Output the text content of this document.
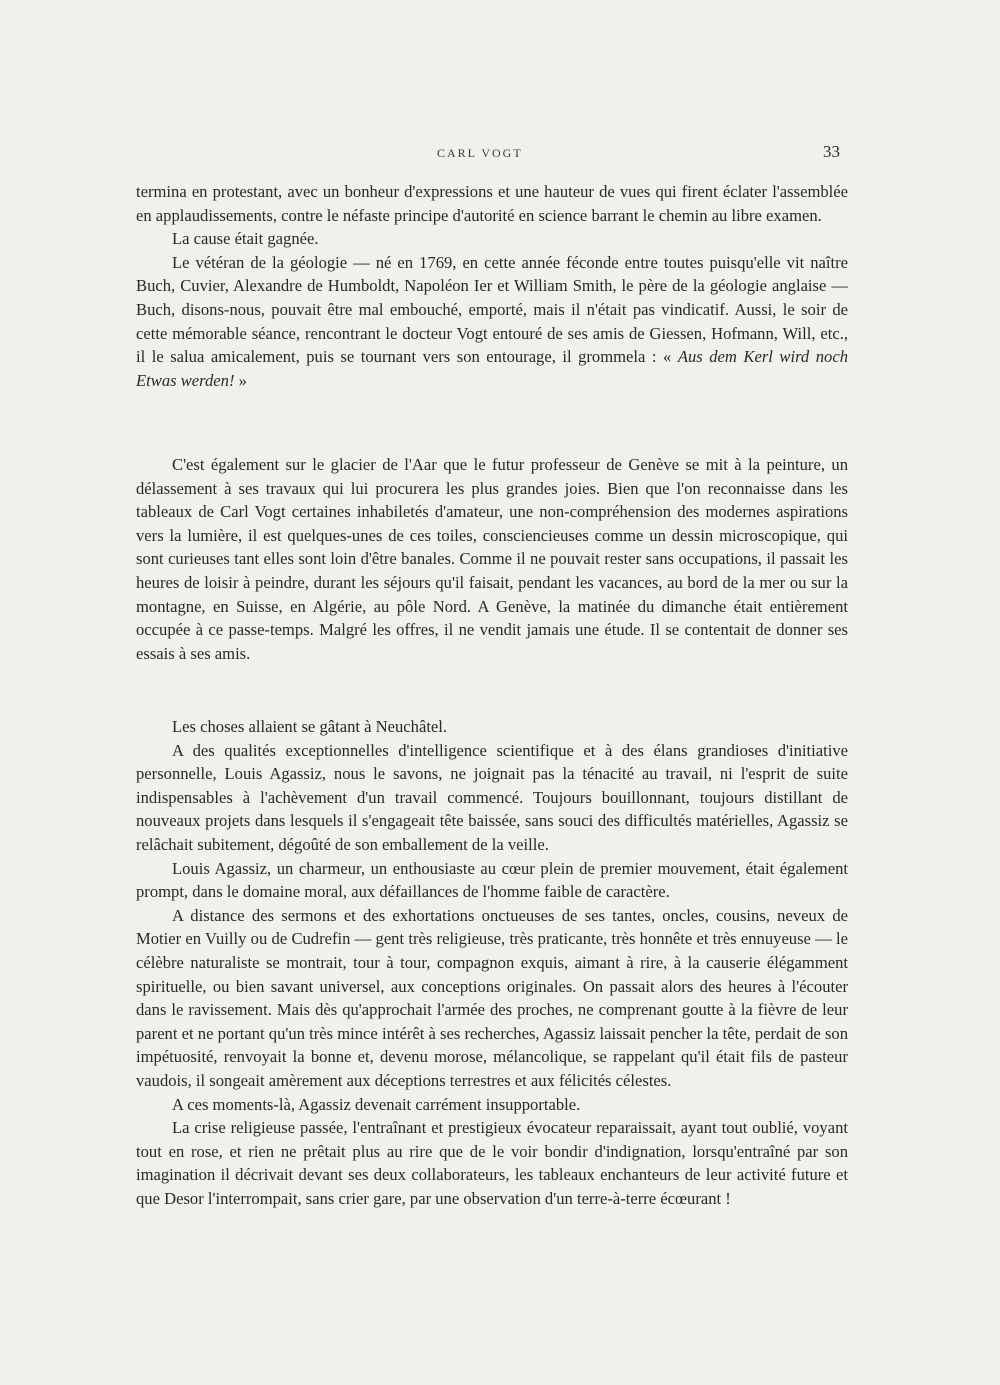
CARL VOGT	33

termina en protestant, avec un bonheur d'expressions et une hauteur de vues qui firent éclater l'assemblée en applaudissements, contre le néfaste principe d'autorité en science barrant le chemin au libre examen.

La cause était gagnée.

Le vétéran de la géologie — né en 1769, en cette année féconde entre toutes puisqu'elle vit naître Buch, Cuvier, Alexandre de Humboldt, Napoléon Ier et William Smith, le père de la géologie anglaise — Buch, disons-nous, pouvait être mal embouché, emporté, mais il n'était pas vindicatif. Aussi, le soir de cette mémorable séance, rencontrant le docteur Vogt entouré de ses amis de Giessen, Hofmann, Will, etc., il le salua amicalement, puis se tournant vers son entourage, il grommela : « Aus dem Kerl wird noch Etwas werden! »

C'est également sur le glacier de l'Aar que le futur professeur de Genève se mit à la peinture, un délassement à ses travaux qui lui procurera les plus grandes joies. Bien que l'on reconnaisse dans les tableaux de Carl Vogt certaines inhabiletés d'amateur, une non-compréhension des modernes aspirations vers la lumière, il est quelques-unes de ces toiles, consciencieuses comme un dessin microscopique, qui sont curieuses tant elles sont loin d'être banales. Comme il ne pouvait rester sans occupations, il passait les heures de loisir à peindre, durant les séjours qu'il faisait, pendant les vacances, au bord de la mer ou sur la montagne, en Suisse, en Algérie, au pôle Nord. A Genève, la matinée du dimanche était entièrement occupée à ce passe-temps. Malgré les offres, il ne vendit jamais une étude. Il se contentait de donner ses essais à ses amis.

Les choses allaient se gâtant à Neuchâtel.

A des qualités exceptionnelles d'intelligence scientifique et à des élans grandioses d'initiative personnelle, Louis Agassiz, nous le savons, ne joignait pas la ténacité au travail, ni l'esprit de suite indispensables à l'achèvement d'un travail commencé. Toujours bouillonnant, toujours distillant de nouveaux projets dans lesquels il s'engageait tête baissée, sans souci des difficultés matérielles, Agassiz se relâchait subitement, dégoûté de son emballement de la veille.

Louis Agassiz, un charmeur, un enthousiaste au cœur plein de premier mouvement, était également prompt, dans le domaine moral, aux défaillances de l'homme faible de caractère.

A distance des sermons et des exhortations onctueuses de ses tantes, oncles, cousins, neveux de Motier en Vuilly ou de Cudrefin — gent très religieuse, très praticante, très honnête et très ennuyeuse — le célèbre naturaliste se montrait, tour à tour, compagnon exquis, aimant à rire, à la causerie élégamment spirituelle, ou bien savant universel, aux conceptions originales. On passait alors des heures à l'écouter dans le ravissement. Mais dès qu'approchait l'armée des proches, ne comprenant goutte à la fièvre de leur parent et ne portant qu'un très mince intérêt à ses recherches, Agassiz laissait pencher la tête, perdait de son impétuosité, renvoyait la bonne et, devenu morose, mélancolique, se rappelant qu'il était fils de pasteur vaudois, il songeait amèrement aux déceptions terrestres et aux félicités célestes.

A ces moments-là, Agassiz devenait carrément insupportable.

La crise religieuse passée, l'entraînant et prestigieux évocateur reparaissait, ayant tout oublié, voyant tout en rose, et rien ne prêtait plus au rire que de le voir bondir d'indignation, lorsqu'entraîné par son imagination il décrivait devant ses deux collaborateurs, les tableaux enchanteurs de leur activité future et que Desor l'interrompait, sans crier gare, par une observation d'un terre-à-terre écœurant !
